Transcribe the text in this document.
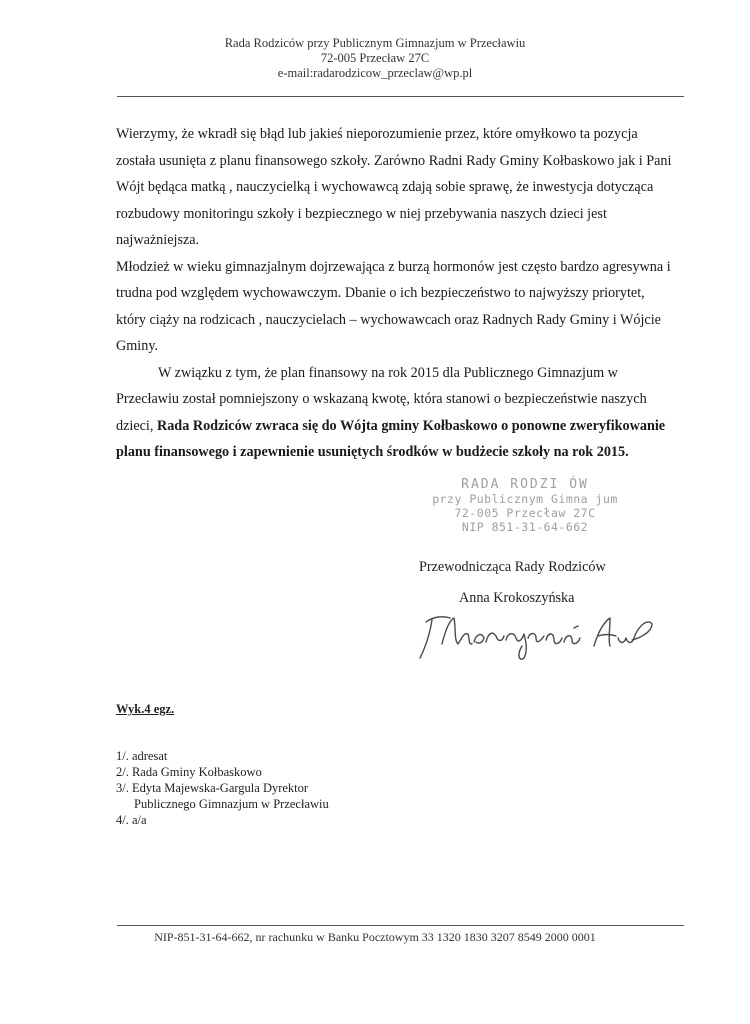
Rada Rodziców przy Publicznym Gimnazjum w Przecławiu
72-005 Przecław 27C
e-mail:radarodzicow_przeclaw@wp.pl

Wierzymy, że wkradł się błąd lub jakieś nieporozumienie przez, które omyłkowo ta pozycja została usunięta z planu finansowego szkoły. Zarówno Radni Rady Gminy Kołbaskowo jak i Pani Wójt będąca matką , nauczycielką i wychowawcą zdają sobie sprawę, że inwestycja dotycząca rozbudowy monitoringu szkoły i bezpiecznego w niej przebywania naszych dzieci jest najważniejsza.

Młodzież w wieku gimnazjalnym dojrzewająca z burzą hormonów jest często bardzo agresywna i trudna pod względem wychowawczym. Dbanie o ich bezpieczeństwo to najwyższy priorytet, który ciąży na rodzicach , nauczycielach – wychowawcach oraz Radnych Rady Gminy i Wójcie Gminy.

W związku z tym, że plan finansowy na rok 2015 dla Publicznego Gimnazjum w Przecławiu został pomniejszony o wskazaną kwotę, która stanowi o bezpieczeństwie naszych dzieci, Rada Rodziców zwraca się do Wójta gminy Kołbaskowo o ponowne zweryfikowanie planu finansowego i zapewnienie usuniętych środków w budżecie szkoły na rok 2015.

RADA RODZI ÓW
przy Publicznym Gimna jum
72-005 Przecław 27C
NIP 851-31-64-662
Przewodnicząca Rady Rodziców
Anna Krokoszyńska
Wyk.4 egz.
1/. adresat
2/. Rada Gminy Kołbaskowo
3/. Edyta Majewska-Gargula Dyrektor
Publicznego Gimnazjum w Przecławiu
4/. a/a
NIP-851-31-64-662, nr rachunku w Banku Pocztowym 33 1320 1830 3207 8549 2000 0001
